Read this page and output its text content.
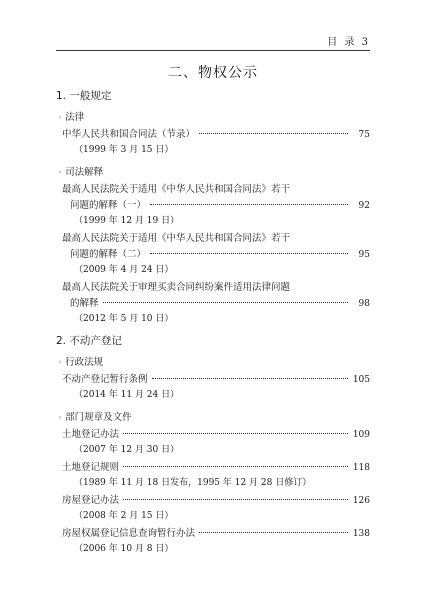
目 录 3
二、物权公示
1. 一般规定
◦ 法律
中华人民共和国合同法（节录）	75
（1999 年 3 月 15 日）
◦ 司法解释
最高人民法院关于适用《中华人民共和国合同法》若干
问题的解释（一）	92
（1999 年 12 月 19 日）
最高人民法院关于适用《中华人民共和国合同法》若干
问题的解释（二）	95
（2009 年 4 月 24 日）
最高人民法院关于审理买卖合同纠纷案件适用法律问题
的解释	98
（2012 年 5 月 10 日）
2. 不动产登记
◦ 行政法规
不动产登记暂行条例	105
（2014 年 11 月 24 日）
◦ 部门规章及文件
土地登记办法	109
（2007 年 12 月 30 日）
土地登记规则	118
（1989 年 11 月 18 日发布，1995 年 12 月 28 日修订）
房屋登记办法	126
（2008 年 2 月 15 日）
房屋权属登记信息查询暂行办法	138
（2006 年 10 月 8 日）
